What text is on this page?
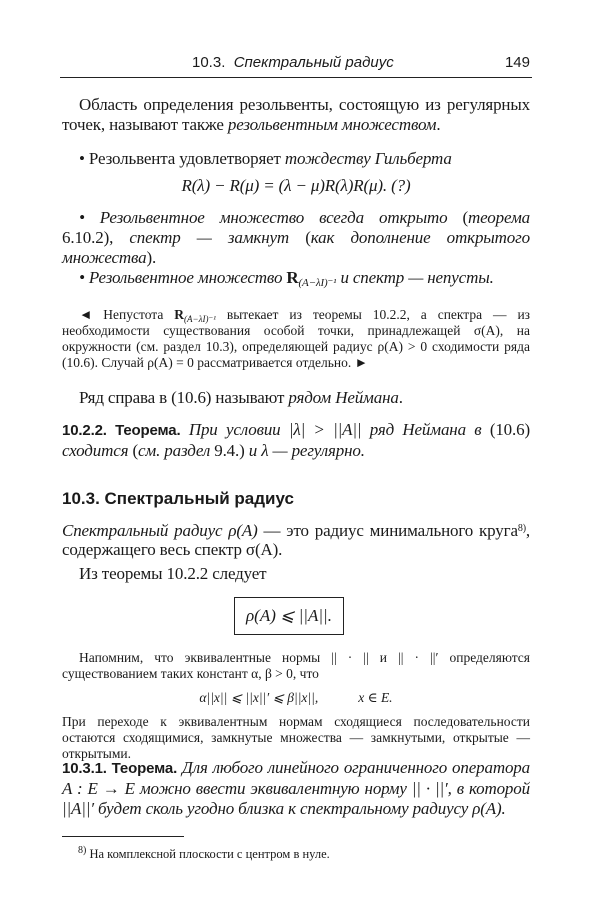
10.3. Спектральный радиус	149
Область определения резольвенты, состоящую из регулярных точек, называют также резольвентным множеством.
• Резольвента удовлетворяет тождеству Гильберта
R(λ) − R(μ) = (λ − μ)R(λ)R(μ). (?)
• Резольвентное множество всегда открыто (теорема 6.10.2), спектр — замкнут (как дополнение открытого множества).
• Резольвентное множество $R_{(A-\lambda I)^{-1}}$ и спектр — непусты.
◄ Непустота $R_{(A-\lambda I)^{-1}}$ вытекает из теоремы 10.2.2, а спектра — из необходимости существования особой точки, принадлежащей σ(A), на окружности (см. раздел 10.3), определяющей радиус ρ(A) > 0 сходимости ряда (10.6). Случай ρ(A) = 0 рассматривается отдельно. ►
Ряд справа в (10.6) называют рядом Неймана.
10.2.2. Теорема. При условии |λ| > ||A|| ряд Неймана в (10.6) сходится (см. раздел 9.4.) и λ — регулярно.
10.3. Спектральный радиус
Спектральный радиус ρ(A) — это радиус минимального круга$^{8)}$, содержащего весь спектр σ(A).
Из теоремы 10.2.2 следует
ρ(A) ⩽ ||A||.
Напомним, что эквивалентные нормы || · || и || · ||′ определяются существованием таких констант α, β > 0, что
α||x|| ⩽ ||x||′ ⩽ β||x||,	x ∈ E.
При переходе к эквивалентным нормам сходящиеся последовательности остаются сходящимися, замкнутые множества — замкнутыми, открытые — открытыми.
10.3.1. Теорема. Для любого линейного ограниченного оператора A : E → E можно ввести эквивалентную норму || · ||′, в которой ||A||′ будет сколь угодно близка к спектральному радиусу ρ(A).
$^{8)}$ На комплексной плоскости с центром в нуле.
